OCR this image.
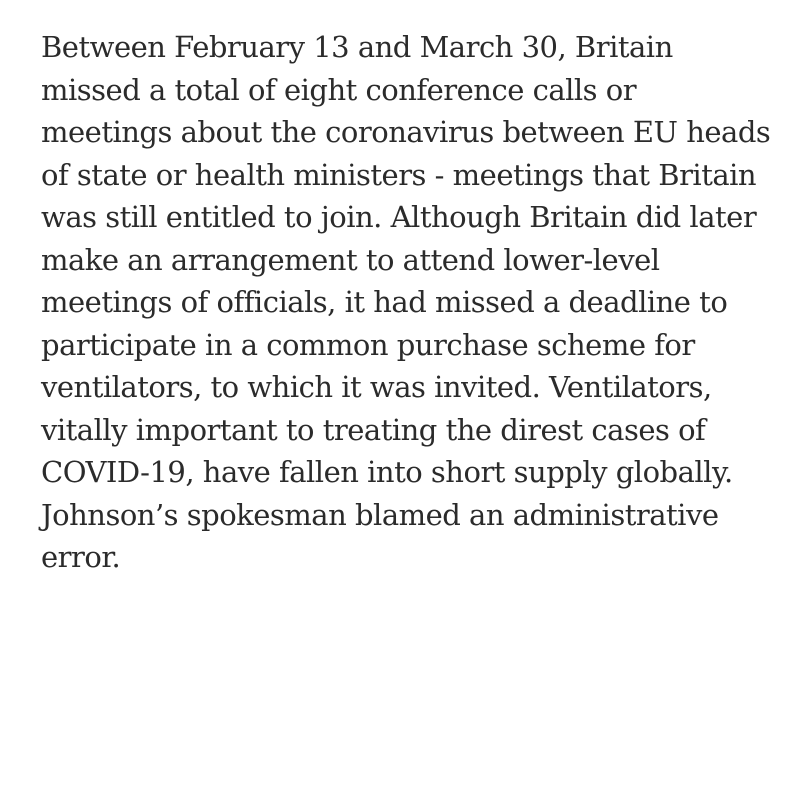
Between February 13 and March 30, Britain
missed a total of eight conference calls or
meetings about the coronavirus between EU heads
of state or health ministers - meetings that Britain
was still entitled to join. Although Britain did later
make an arrangement to attend lower-level
meetings of officials, it had missed a deadline to
participate in a common purchase scheme for
ventilators, to which it was invited. Ventilators,
vitally important to treating the direst cases of
COVID-19, have fallen into short supply globally.
Johnson’s spokesman blamed an administrative
error.
